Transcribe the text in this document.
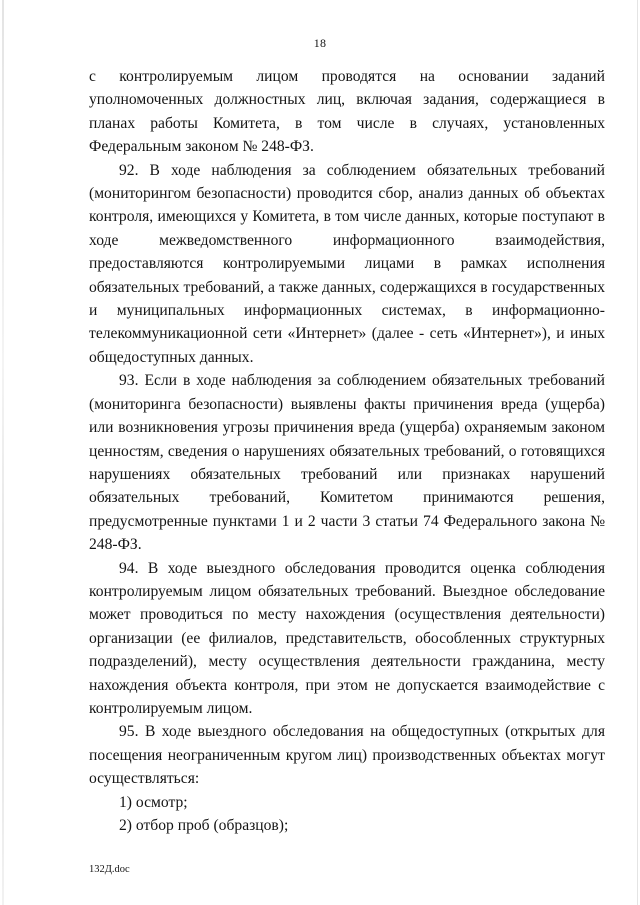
18

с контролируемым лицом проводятся на основании заданий уполномоченных должностных лиц, включая задания, содержащиеся в планах работы Комитета, в том числе в случаях, установленных Федеральным законом № 248-ФЗ.

92. В ходе наблюдения за соблюдением обязательных требований (мониторингом безопасности) проводится сбор, анализ данных об объектах контроля, имеющихся у Комитета, в том числе данных, которые поступают в ходе межведомственного информационного взаимодействия, предоставляются контролируемыми лицами в рамках исполнения обязательных требований, а также данных, содержащихся в государственных и муниципальных информационных системах, в информационно-телекоммуникационной сети «Интернет» (далее - сеть «Интернет»), и иных общедоступных данных.

93. Если в ходе наблюдения за соблюдением обязательных требований (мониторинга безопасности) выявлены факты причинения вреда (ущерба) или возникновения угрозы причинения вреда (ущерба) охраняемым законом ценностям, сведения о нарушениях обязательных требований, о готовящихся нарушениях обязательных требований или признаках нарушений обязательных требований, Комитетом принимаются решения, предусмотренные пунктами 1 и 2 части 3 статьи 74 Федерального закона № 248-ФЗ.

94. В ходе выездного обследования проводится оценка соблюдения контролируемым лицом обязательных требований. Выездное обследование может проводиться по месту нахождения (осуществления деятельности) организации (ее филиалов, представительств, обособленных структурных подразделений), месту осуществления деятельности гражданина, месту нахождения объекта контроля, при этом не допускается взаимодействие с контролируемым лицом.

95. В ходе выездного обследования на общедоступных (открытых для посещения неограниченным кругом лиц) производственных объектах могут осуществляться:

1) осмотр;

2) отбор проб (образцов);

132Д.doc
